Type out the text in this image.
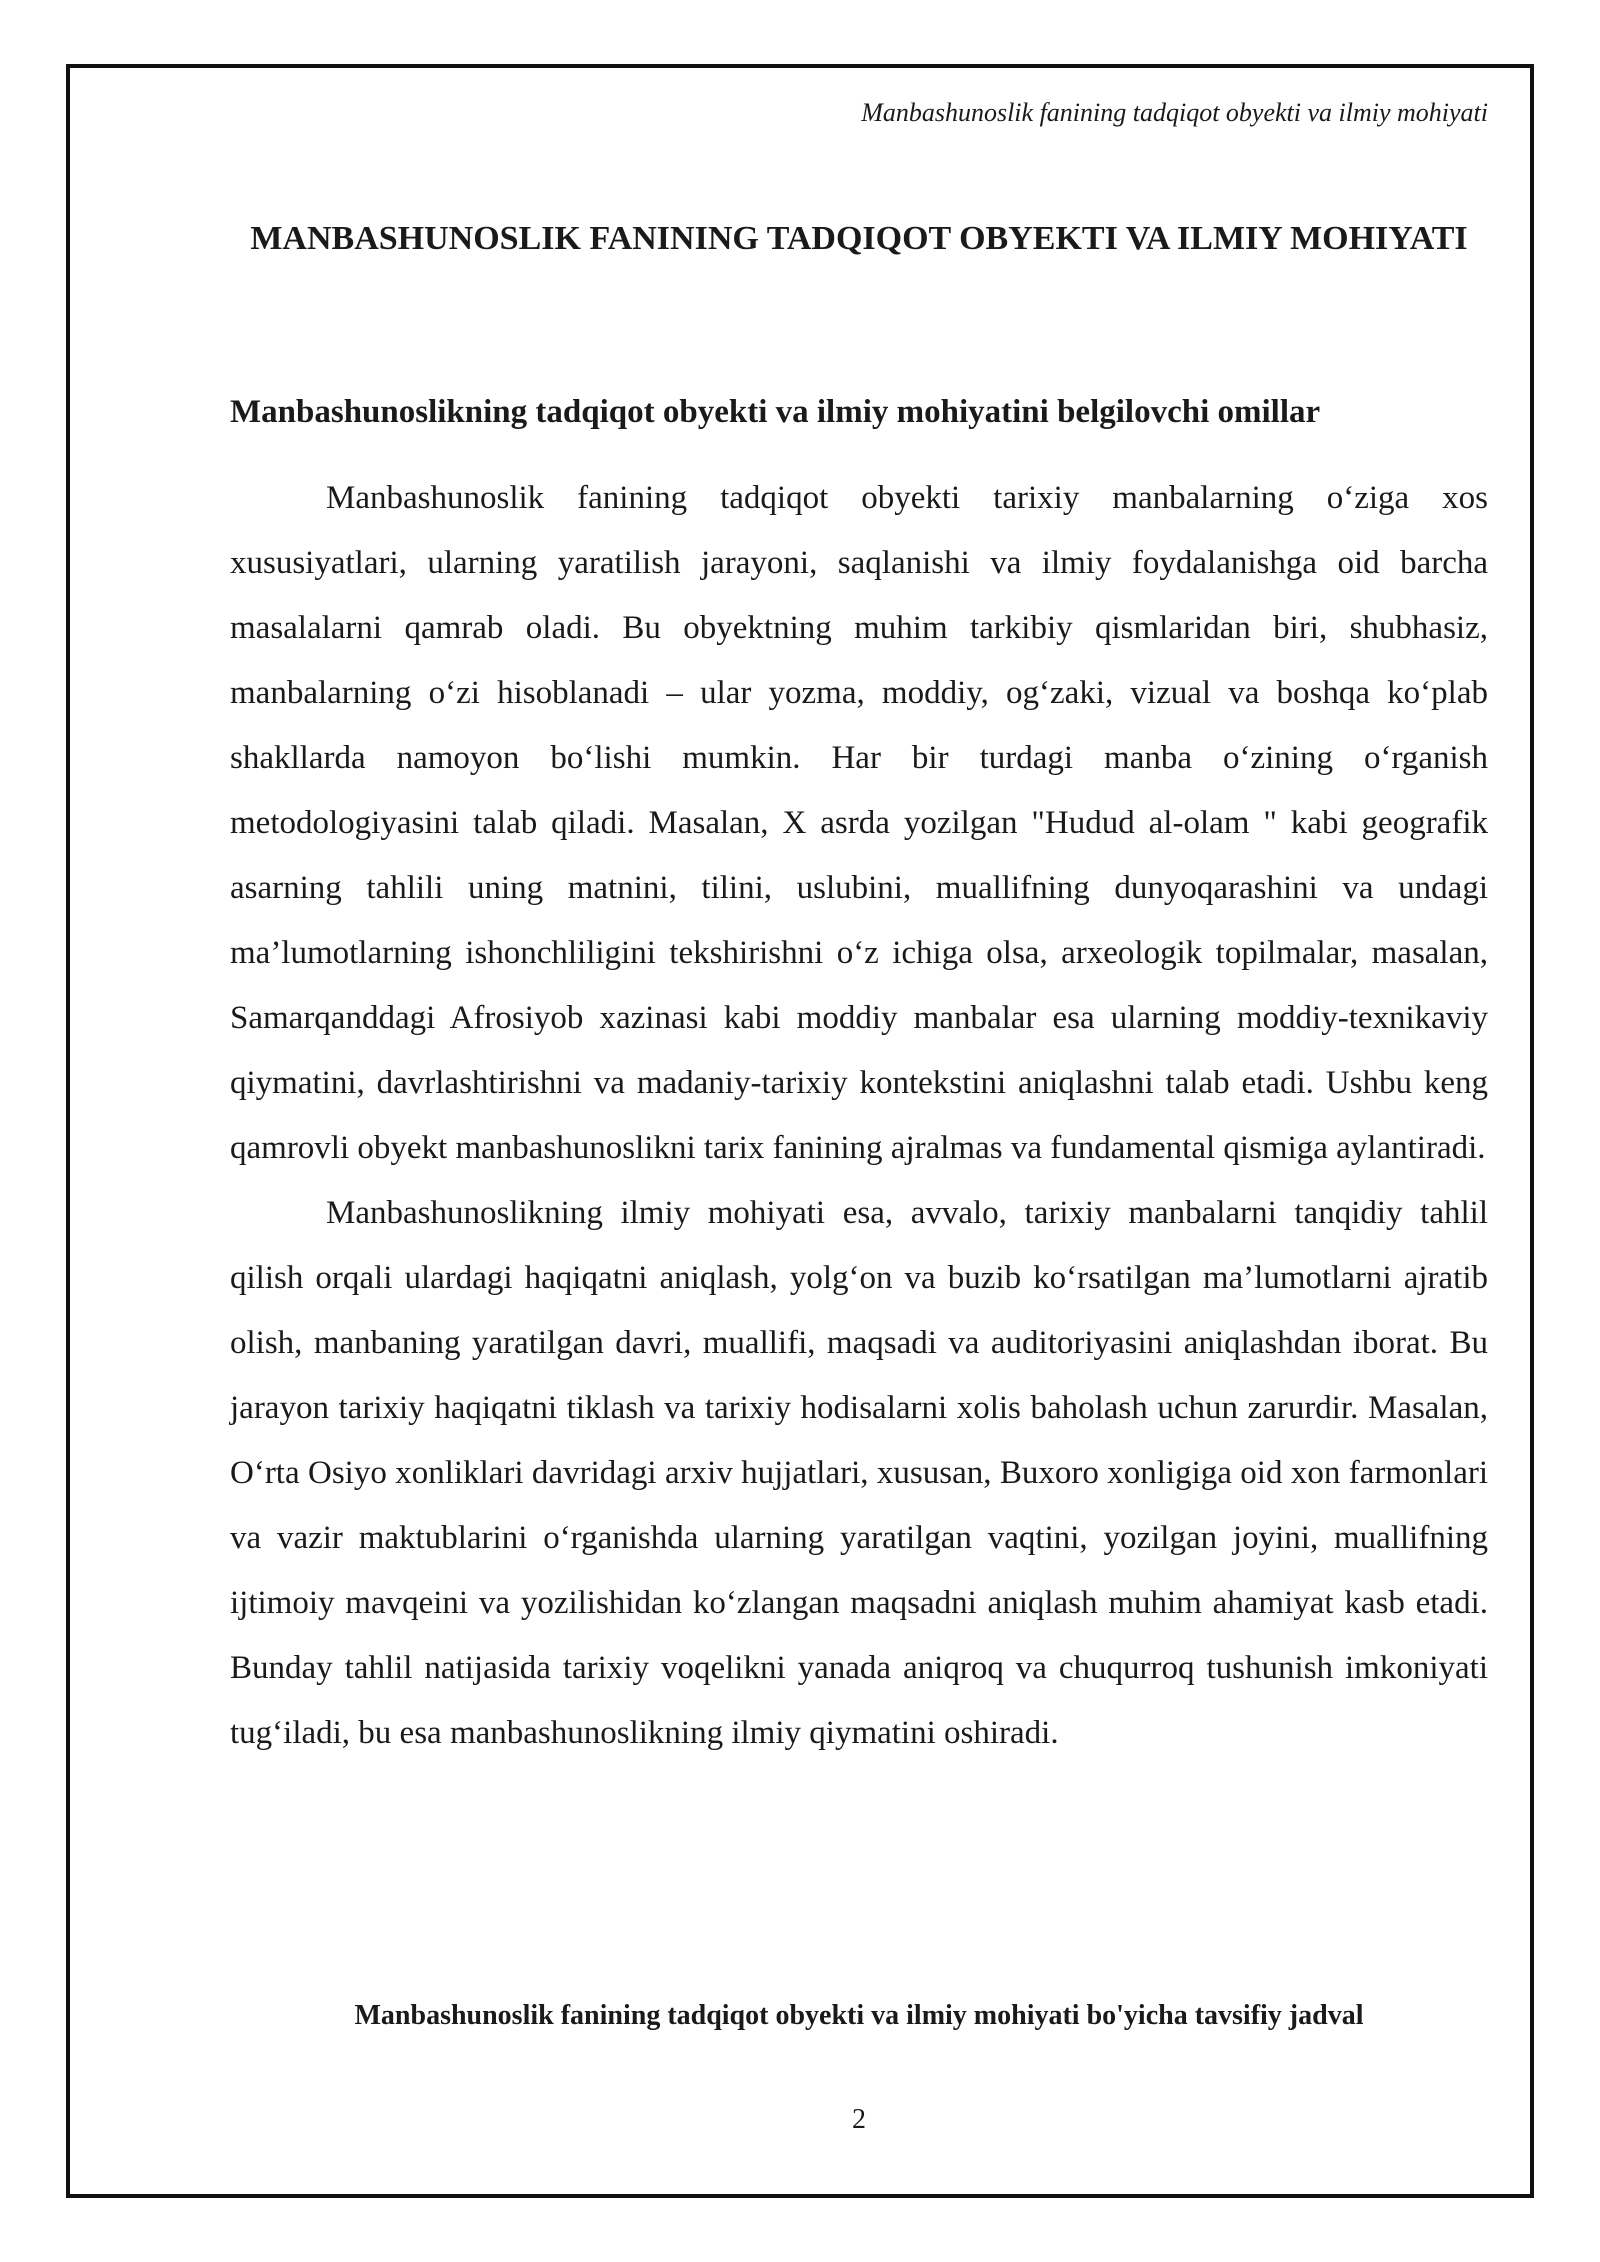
Manbashunoslik fanining tadqiqot obyekti va ilmiy mohiyati
MANBASHUNOSLIK FANINING TADQIQOT OBYEKTI VA ILMIY MOHIYATI
Manbashunoslikning tadqiqot obyekti va ilmiy mohiyatini belgilovchi omillar

Manbashunoslik fanining tadqiqot obyekti tarixiy manbalarning o‘ziga xos xususiyatlari, ularning yaratilish jarayoni, saqlanishi va ilmiy foydalanishga oid barcha masalalarni qamrab oladi. Bu obyektning muhim tarkibiy qismlaridan biri, shubhasiz, manbalarning o‘zi hisoblanadi – ular yozma, moddiy, og‘zaki, vizual va boshqa ko‘plab shakllarda namoyon bo‘lishi mumkin. Har bir turdagi manba o‘zining o‘rganish metodologiyasini talab qiladi. Masalan, X asrda yozilgan "Hudud al-olam " kabi geografik asarning tahlili uning matnini, tilini, uslubini, muallifning dunyoqarashini va undagi ma’lumotlarning ishonchliligini tekshirishni o‘z ichiga olsa, arxeologik topilmalar, masalan, Samarqanddagi Afrosiyob xazinasi kabi moddiy manbalar esa ularning moddiy-texnikaviy qiymatini, davrlashtirishni va madaniy-tarixiy kontekstini aniqlashni talab etadi. Ushbu keng qamrovli obyekt manbashunoslikni tarix fanining ajralmas va fundamental qismiga aylantiradi.

Manbashunoslikning ilmiy mohiyati esa, avvalo, tarixiy manbalarni tanqidiy tahlil qilish orqali ulardagi haqiqatni aniqlash, yolg‘on va buzib ko‘rsatilgan ma’lumotlarni ajratib olish, manbaning yaratilgan davri, muallifi, maqsadi va auditoriyasini aniqlashdan iborat. Bu jarayon tarixiy haqiqatni tiklash va tarixiy hodisalarni xolis baholash uchun zarurdir. Masalan, O‘rta Osiyo xonliklari davridagi arxiv hujjatlari, xususan, Buxoro xonligiga oid xon farmonlari va vazir maktublarini o‘rganishda ularning yaratilgan vaqtini, yozilgan joyini, muallifning ijtimoiy mavqeini va yozilishidan ko‘zlangan maqsadni aniqlash muhim ahamiyat kasb etadi. Bunday tahlil natijasida tarixiy voqelikni yanada aniqroq va chuqurroq tushunish imkoniyati tug‘iladi, bu esa manbashunoslikning ilmiy qiymatini oshiradi.

Manbashunoslik fanining tadqiqot obyekti va ilmiy mohiyati bo'yicha tavsifiy jadval
2
